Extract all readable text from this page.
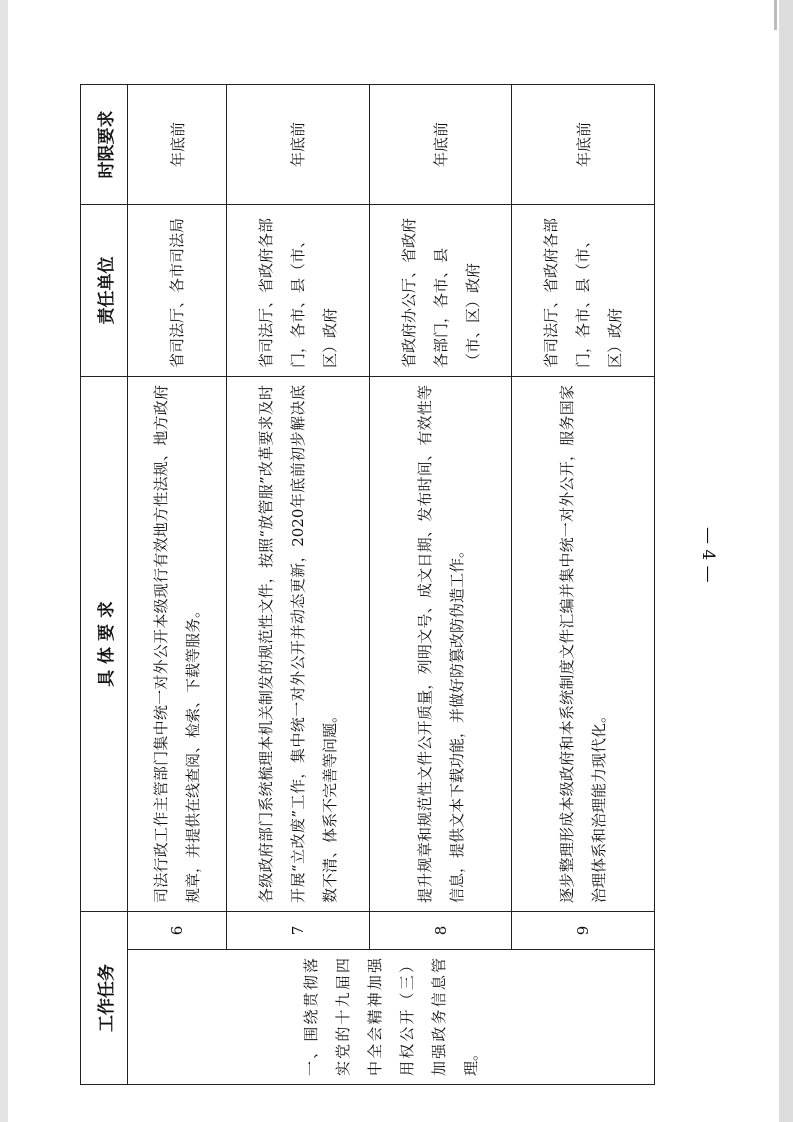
工作任务		具 体 要 求	责任单位	时限要求
一、围绕贯彻落实党的十九届四中全会精神加强用权公开（三）加强政务信息管理。	6	司法行政工作主管部门集中统一对外公开本级现行有效地方性法规、地方政府规章，并提供在线查阅、检索、下载等服务。	省司法厅、各市司法局	年底前
	7	各级政府部门系统梳理本机关制发的规范性文件，按照“放管服”改革要求及时开展“立改废”工作，集中统一对外公开并动态更新，2020年底前初步解决底数不清、体系不完善等问题。	省司法厅、省政府各部门，各市、县（市、区）政府	年底前
	8	提升规章和规范性文件公开质量，列明文号、成文日期、发布时间、有效性等信息，提供文本下载功能，并做好防篡改防伪造工作。	省政府办公厅、省政府各部门，各市、县（市、区）政府	年底前
	9	逐步整理形成本级政府和本系统制度文件汇编并集中统一对外公开，服务国家治理体系和治理能力现代化。	省司法厅、省政府各部门，各市、县（市、区）政府	年底前
— 4 —
